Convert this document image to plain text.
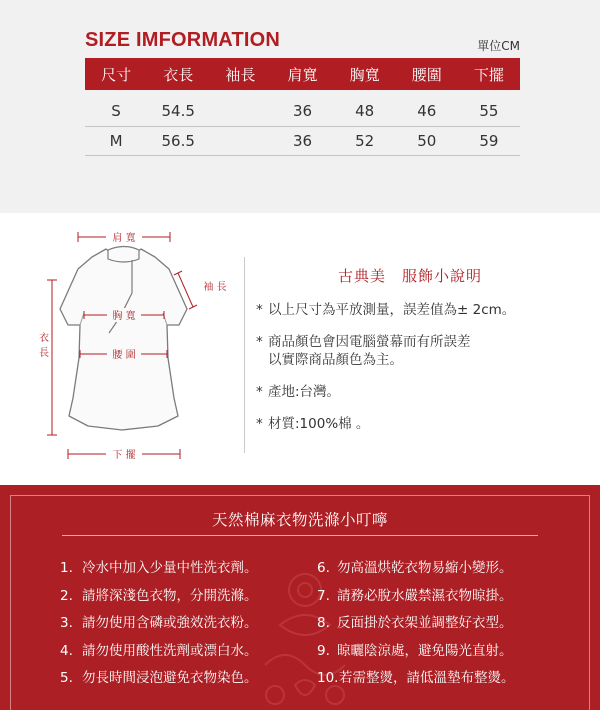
SIZE IMFORMATION	單位CM
尺寸	衣長	袖長	肩寬	胸寬	腰圍	下擺
S	54.5		36	48	46	55
M	56.5		36	52	50	59
肩 寬
胸 寬
腰 圍
下 擺
衣
長
袖 長
古典美　服飾小說明
* 以上尺寸為平放測量，誤差值為± 2cm。
* 商品顏色會因電腦螢幕而有所誤差
以實際商品顏色為主。
* 產地:台灣。
* 材質:100%棉 。
天然棉麻衣物洗滌小叮嚀
1. 冷水中加入少量中性洗衣劑。
2. 請將深淺色衣物，分開洗滌。
3. 請勿使用含磷或強效洗衣粉。
4. 請勿使用酸性洗劑或漂白水。
5. 勿長時間浸泡避免衣物染色。
6. 勿高溫烘乾衣物易縮小變形。
7. 請務必脫水嚴禁濕衣物晾掛。
8. 反面掛於衣架並調整好衣型。
9. 晾曬陰涼處，避免陽光直射。
10. 若需整燙，請低溫墊布整燙。
